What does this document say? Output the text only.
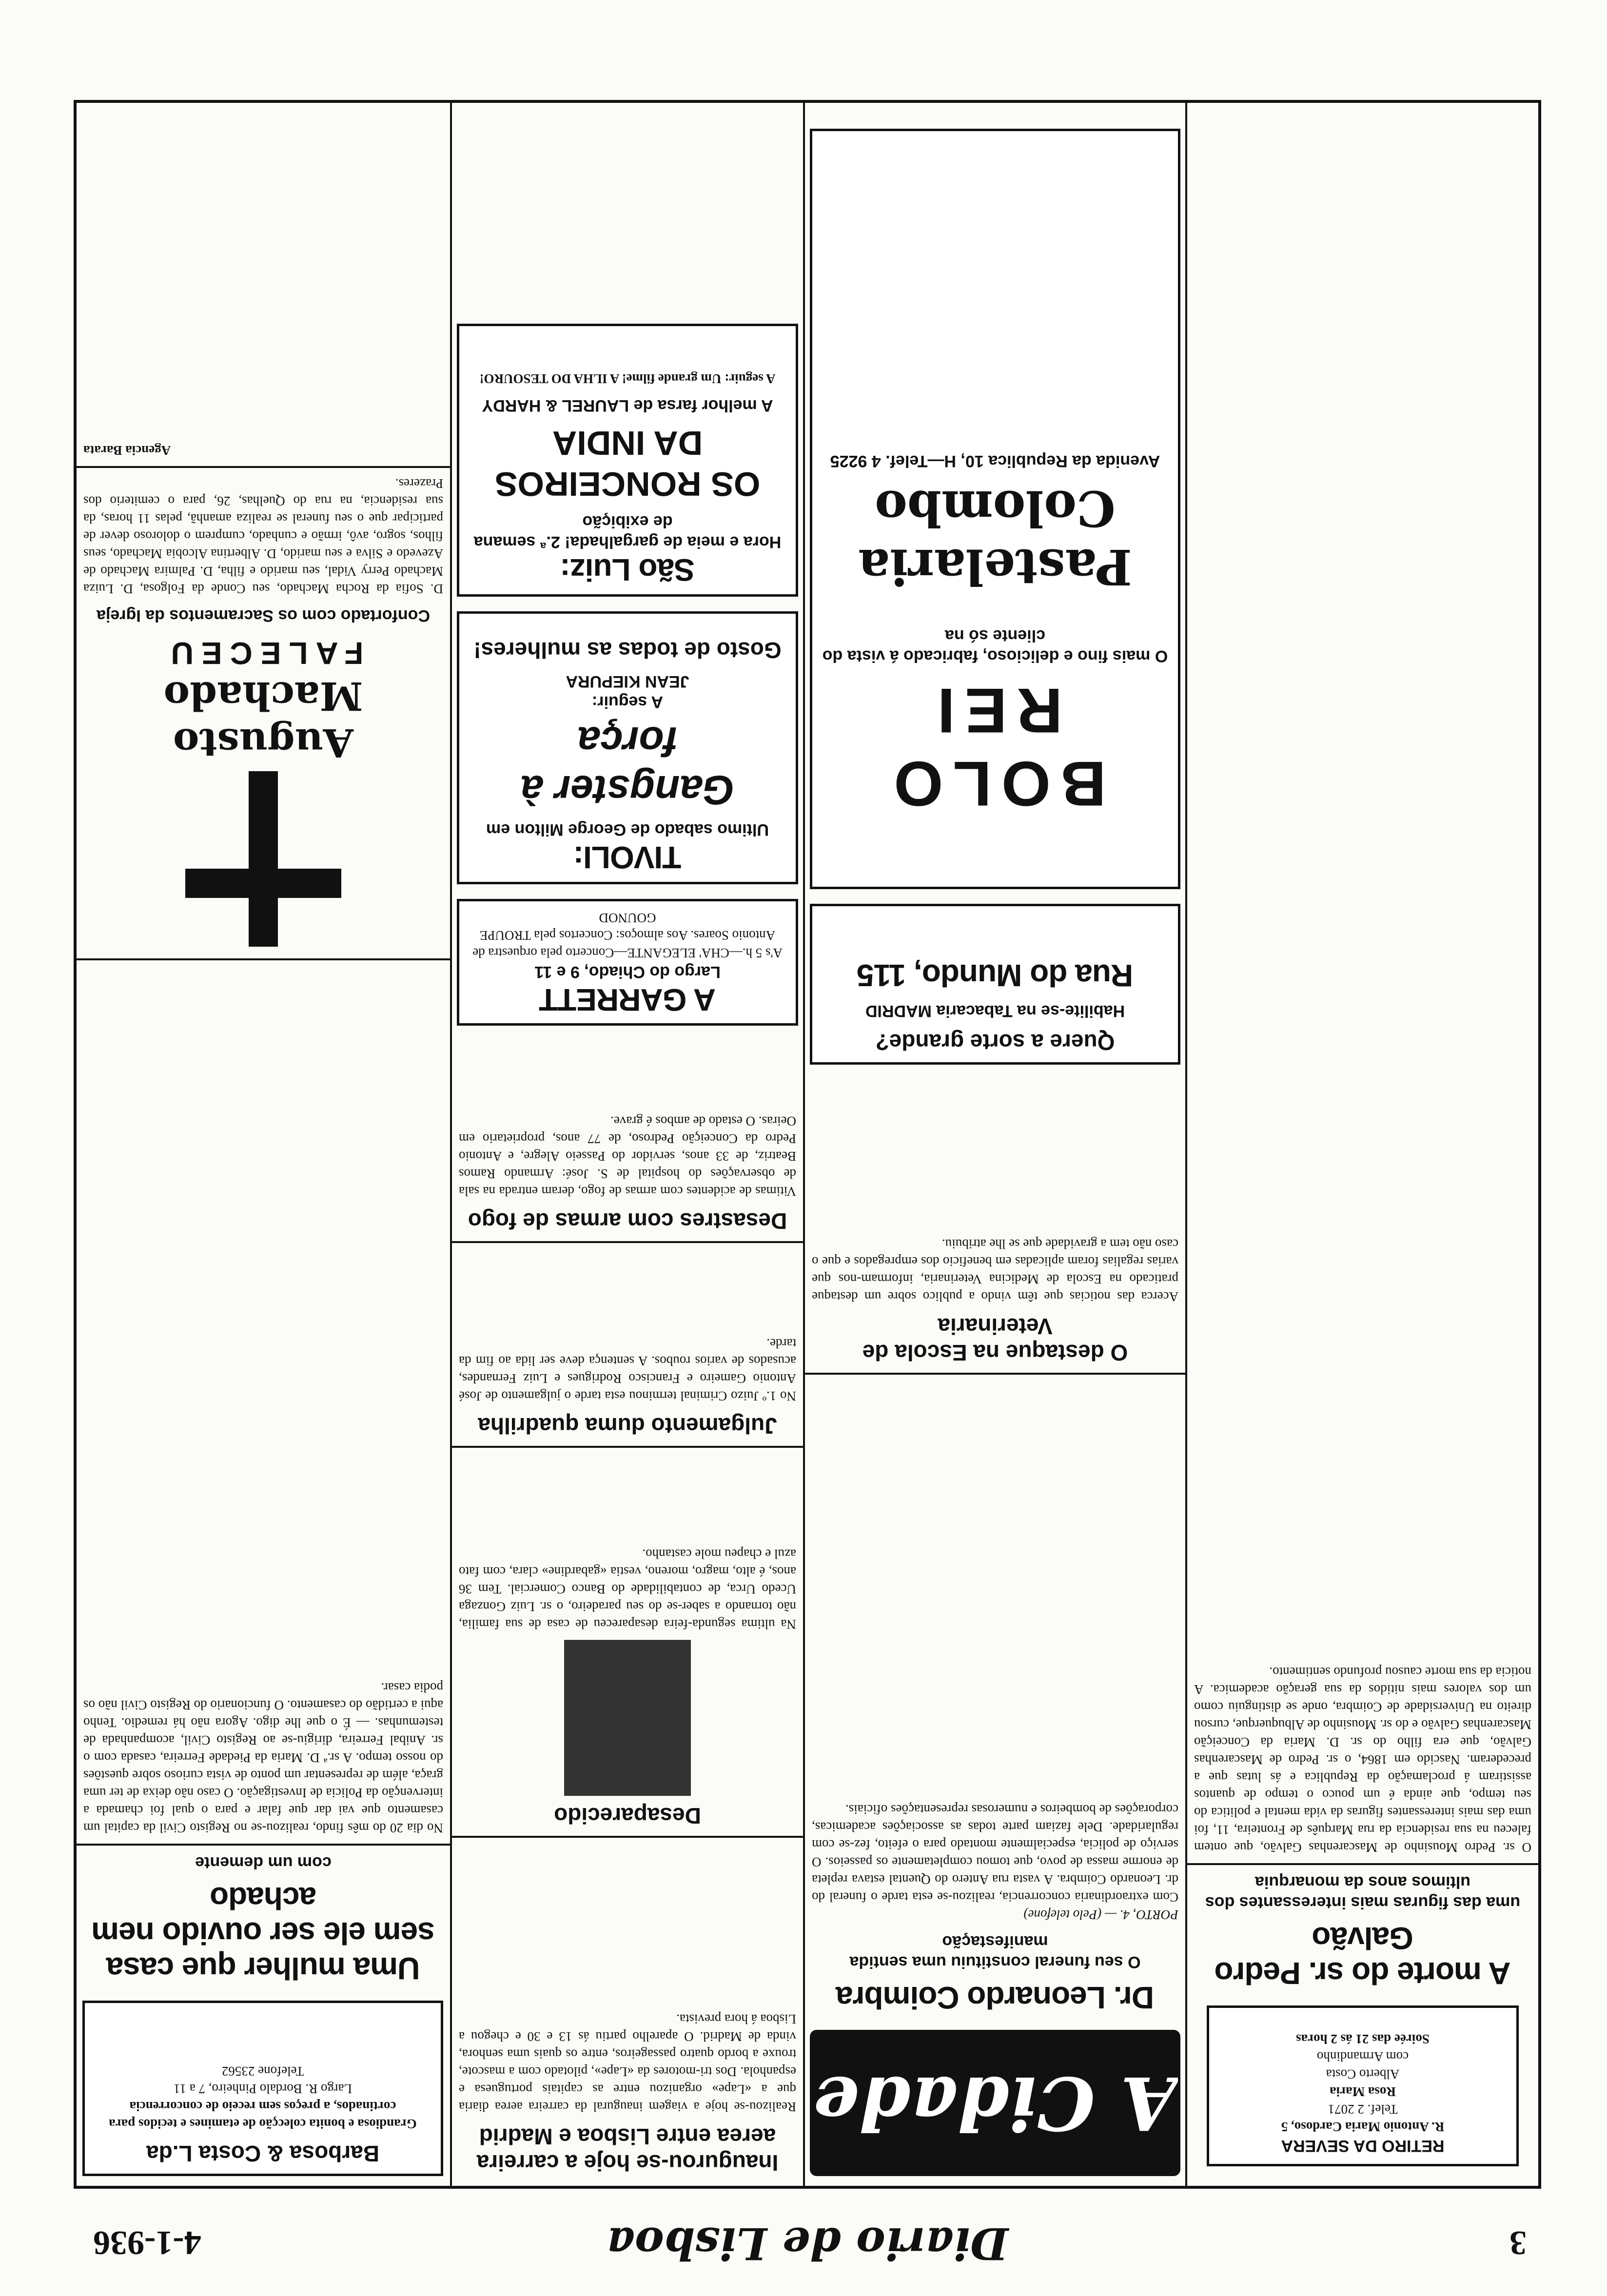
3
Diario de Lisboa
4-1-936
RETIRO DA SEVERA
R. Antonio Maria Cardoso, 5
Telef. 2 2071
Rosa Maria
Alberto Costa
com Armandinho
Soirée das 21 ás 2 horas
A morte do sr. Pedro Galvão
uma das figuras mais interessantes dos ultimos anos da monarquia
O sr. Pedro Mousinho de Mascarenhas Galvão, que ontem faleceu na sua residencia da rua Marquês de Fronteira, 11, foi uma das mais interessantes figuras da vida mental e politica do seu tempo, que ainda é um pouco o tempo de quantos assistiram á proclamação da Republica e ás lutas que a precederam. Nascido em 1864, o sr. Pedro de Mascarenhas Galvão, que era filho do sr. D. Maria da Conceição Mascarenhas Galvão e do sr. Mousinho de Albuquerque, cursou direito na Universidade de Coimbra, onde se distinguiu como um dos valores mais nitidos da sua geração academica. A noticia da sua morte causou profundo sentimento.
A Cidade
Dr. Leonardo Coimbra
O seu funeral constituiu uma sentida manifestação
PORTO, 4. — (Pelo telefone)
Com extraordinaria concorrencia, realizou-se esta tarde o funeral do dr. Leonardo Coimbra. A vasta rua Antero do Quental estava repleta de enorme massa de povo, que tomou completamente os passeios. O serviço de policia, especialmente montado para o efeito, fez-se com regularidade. Dele faziam parte todas as associações academicas, corporações de bombeiros e numerosas representações oficiais.
O destaque na Escola de Veterinaria
Acerca das noticias que têm vindo a publico sobre um destaque praticado na Escola de Medicina Veterinaria, informam-nos que varias regalias foram aplicadas em beneficio dos empregados e que o caso não tem a gravidade que se lhe atribuiu.
Quere a sorte grande?
Habilite-se na Tabacaria MADRID
Rua do Mundo, 115
BOLO REI
O mais fino e delicioso, fabricado á vista do cliente só na
Pastelaria Colombo
Avenida da Republica 10, H—Telef. 4 9225
Inaugurou-se hoje a carreira aerea entre Lisboa e Madrid
Realizou-se hoje a viagem inaugural da carreira aerea diaria que a «Lape» organizou entre as capitais portuguesa e espanhola. Dos tri-motores da «Lape», pilotado com a mascote, trouxe a bordo quatro passageiros, entre os quais uma senhora, vinda de Madrid. O aparelho partiu ás 13 e 30 e chegou a Lisboa á hora prevista.
Desaparecido
Na ultima segunda-feira desapareceu de casa de sua familia, não tornando a saber-se do seu paradeiro, o sr. Luiz Gonzaga Ucedo Urca, de contabilidade do Banco Comercial. Tem 36 anos, é alto, magro, moreno, vestia «gabardine» clara, com fato azul e chapeu mole castanho.
Julgamento duma quadrilha
No 1.º Juizo Criminal terminou esta tarde o julgamento de José Antonio Gameiro e Francisco Rodrigues e Luiz Fernandes, acusados de varios roubos. A sentença deve ser lida ao fim da tarde.
Desastres com armas de fogo
Vitimas de acidentes com armas de fogo, deram entrada na sala de observações do hospital de S. José: Armando Ramos Beatriz, de 33 anos, servidor do Passeio Alegre, e Antonio Pedro da Conceição Pedroso, de 77 anos, proprietario em Oeiras. O estado de ambos é grave.
A GARRETT
Largo do Chiado, 9 e 11
A's 5 h.—CHA' ELEGANTE—Concerto pela orquestra de Antonio Soares. Aos almoços: Concertos pela TROUPE GOUNOD
TIVOLI:
Ultimo sabado de George Milton em
Gangster à força
A seguir:
JEAN KIEPURA
Gosto de todas as mulheres!
São Luiz:
Hora e meia de gargalhada! 2.ª semana de exibição
OS RONCEIROS DA INDIA
A melhor farsa de LAUREL & HARDY
A seguir: Um grande filme! A ILHA DO TESOURO!
Barbosa & Costa L.da
Grandiosa e bonita colecção de etamines e tecidos para cortinados, a preços sem receio de concorrencia
Largo R. Bordalo Pinheiro, 7 a 11
Telefone 23562
Uma mulher que casa sem ele ser ouvido nem achado
com um demente
No dia 20 do mês findo, realizou-se no Registo Civil da capital um casamento que vai dar que falar e para o qual foi chamada a intervenção da Policia de Investigação. O caso não deixa de ter uma graça, além de representar um ponto de vista curioso sobre questões do nosso tempo. A sr.ª D. Maria da Piedade Ferreira, casada com o sr. Anibal Ferreira, dirigiu-se ao Registo Civil, acompanhada de testemunhas. — É o que lhe digo. Agora não há remedio. Tenho aqui a certidão do casamento. O funcionario do Registo Civil não os podia casar.
Augusto Machado
FALECEU
Confortado com os Sacramentos da Igreja
D. Sofia da Rocha Machado, seu Conde da Folgosa, D. Luiza Machado Perry Vidal, seu marido e filha, D. Palmira Machado de Azevedo e Silva e seu marido, D. Albertina Alcobia Machado, seus filhos, sogro, avô, irmão e cunhado, cumprem o doloroso dever de participar que o seu funeral se realiza amanhã, pelas 11 horas, da sua residencia, na rua do Quelhas, 26, para o cemiterio dos Prazeres.
Agencia Barata
